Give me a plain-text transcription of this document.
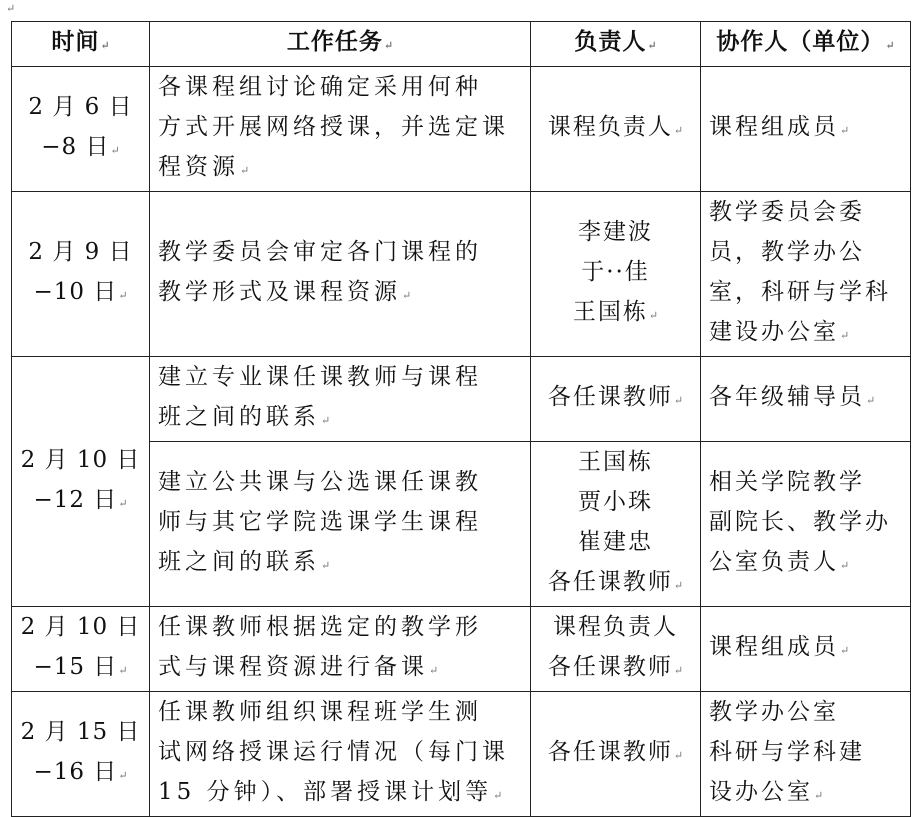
↵
时间↵	工作任务↵	负责人↵	协作人（单位）↵

2 月 6 日
−8 日↵	各课程组讨论确定采用何种
方式开展网络授课，并选定课
程资源↵	课程负责人↵	课程组成员↵

2 月 9 日
−10 日↵	教学委员会审定各门课程的
教学形式及课程资源↵	李建波
于··佳
王国栋↵	教学委员会委
员，教学办公
室，科研与学科
建设办公室↵

2 月 10 日
−12 日↵	建立专业课任课教师与课程
班之间的联系↵	各任课教师↵	各年级辅导员↵

	建立公共课与公选课任课教
师与其它学院选课学生课程
班之间的联系↵	王国栋
贾小珠
崔建忠
各任课教师↵	相关学院教学
副院长、教学办
公室负责人↵

2 月 10 日
−15 日↵	任课教师根据选定的教学形
式与课程资源进行备课↵	课程负责人
各任课教师↵	课程组成员↵

2 月 15 日
−16 日↵	任课教师组织课程班学生测
试网络授课运行情况（每门课
15 分钟）、部署授课计划等↵	各任课教师↵	教学办公室
科研与学科建
设办公室↵
